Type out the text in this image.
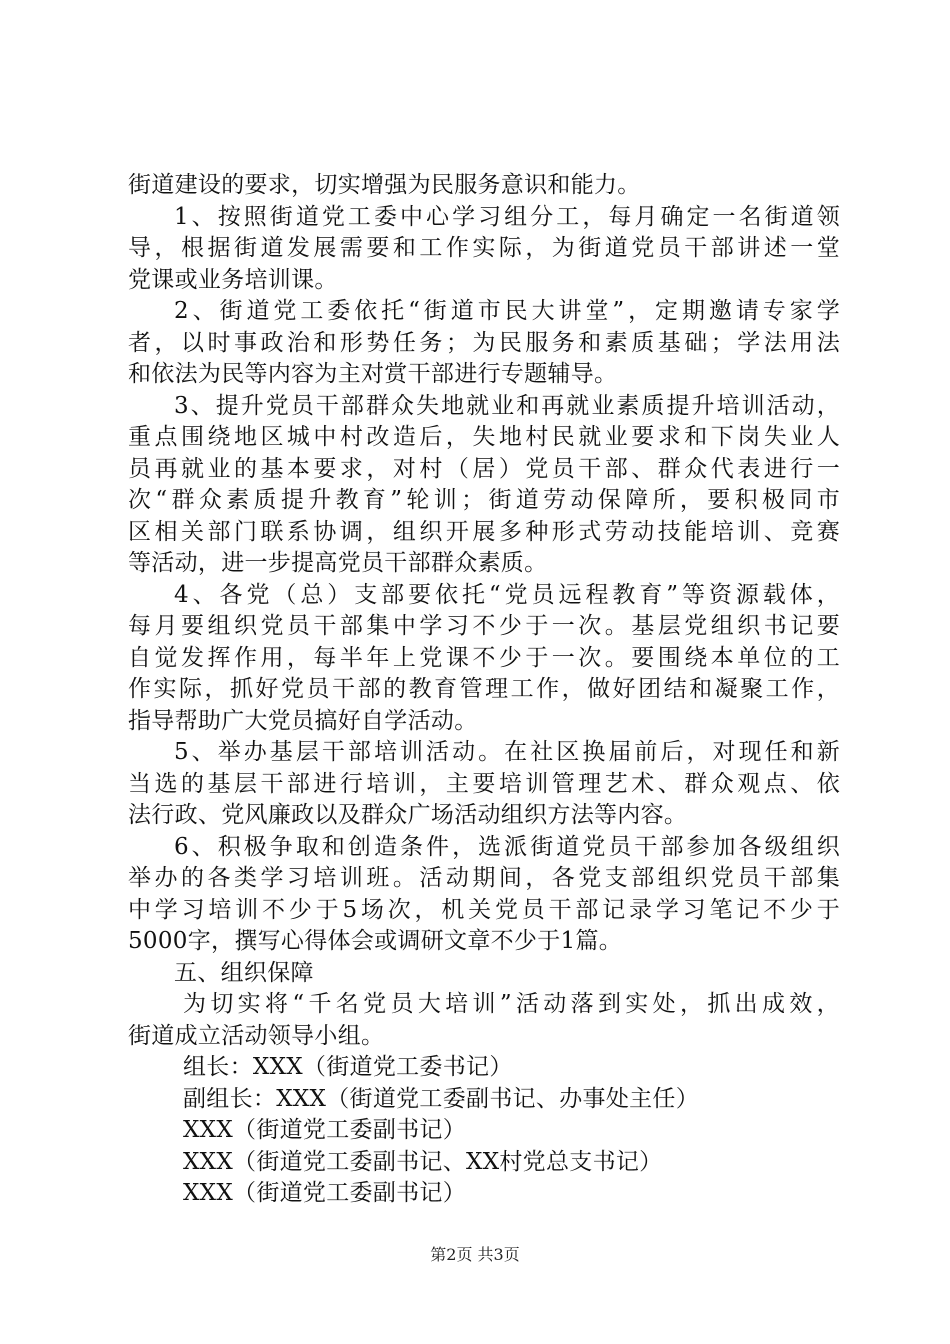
街道建设的要求，切实增强为民服务意识和能力。
1、按照街道党工委中心学习组分工，每月确定一名街道领
导，根据街道发展需要和工作实际，为街道党员干部讲述一堂
党课或业务培训课。
2、街道党工委依托“街道市民大讲堂”，定期邀请专家学
者，以时事政治和形势任务；为民服务和素质基础；学法用法
和依法为民等内容为主对赏干部进行专题辅导。
3、提升党员干部群众失地就业和再就业素质提升培训活动，
重点围绕地区城中村改造后，失地村民就业要求和下岗失业人
员再就业的基本要求，对村（居）党员干部、群众代表进行一
次“群众素质提升教育”轮训；街道劳动保障所，要积极同市
区相关部门联系协调，组织开展多种形式劳动技能培训、竞赛
等活动，进一步提高党员干部群众素质。
4、各党（总）支部要依托“党员远程教育”等资源载体，
每月要组织党员干部集中学习不少于一次。基层党组织书记要
自觉发挥作用，每半年上党课不少于一次。要围绕本单位的工
作实际，抓好党员干部的教育管理工作，做好团结和凝聚工作，
指导帮助广大党员搞好自学活动。
5、举办基层干部培训活动。在社区换届前后，对现任和新
当选的基层干部进行培训，主要培训管理艺术、群众观点、依
法行政、党风廉政以及群众广场活动组织方法等内容。
6、积极争取和创造条件，选派街道党员干部参加各级组织
举办的各类学习培训班。活动期间，各党支部组织党员干部集
中学习培训不少于5场次，机关党员干部记录学习笔记不少于
5000字，撰写心得体会或调研文章不少于1篇。
五、组织保障
为切实将“千名党员大培训”活动落到实处，抓出成效，
街道成立活动领导小组。
组长：XXX（街道党工委书记）
副组长：XXX（街道党工委副书记、办事处主任）
XXX（街道党工委副书记）
XXX（街道党工委副书记、XX村党总支书记）
XXX（街道党工委副书记）
第2页 共3页
